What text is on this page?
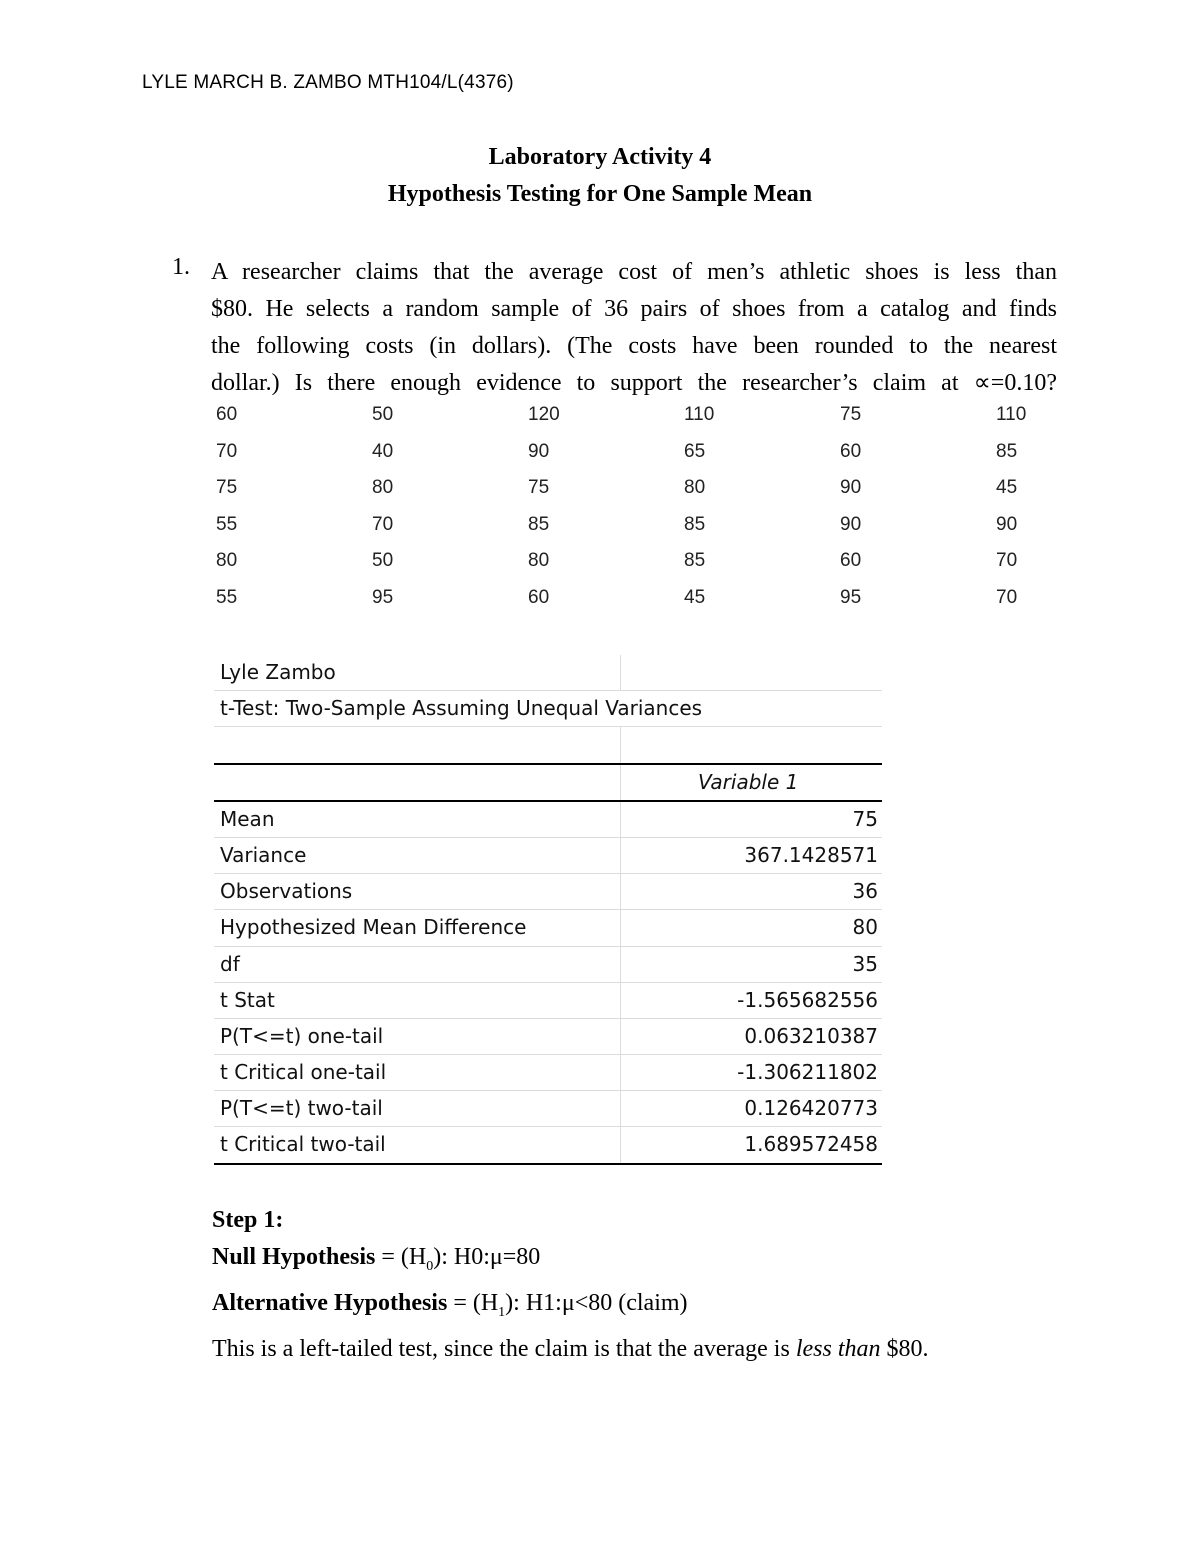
LYLE MARCH B. ZAMBO MTH104/L(4376)
Laboratory Activity 4
Hypothesis Testing for One Sample Mean
1. A researcher claims that the average cost of men’s athletic shoes is less than
$80. He selects a random sample of 36 pairs of shoes from a catalog and finds
the following costs (in dollars). (The costs have been rounded to the nearest
dollar.) Is there enough evidence to support the researcher’s claim at ∝=0.10?
60	50	120	110	75	110
70	40	90	65	60	85
75	80	75	80	90	45
55	70	85	85	90	90
80	50	80	85	60	70
55	95	60	45	95	70
Lyle Zambo
t-Test: Two-Sample Assuming Unequal Variances
Variable 1
Mean	75
Variance	367.1428571
Observations	36
Hypothesized Mean Difference	80
df	35
t Stat	-1.565682556
P(T<=t) one-tail	0.063210387
t Critical one-tail	-1.306211802
P(T<=t) two-tail	0.126420773
t Critical two-tail	1.689572458
Step 1:
Null Hypothesis = $(H_0)$: H0:μ=80
Alternative Hypothesis = $(H_1)$: H1:μ<80 (claim)
This is a left-tailed test, since the claim is that the average is less than $80.
